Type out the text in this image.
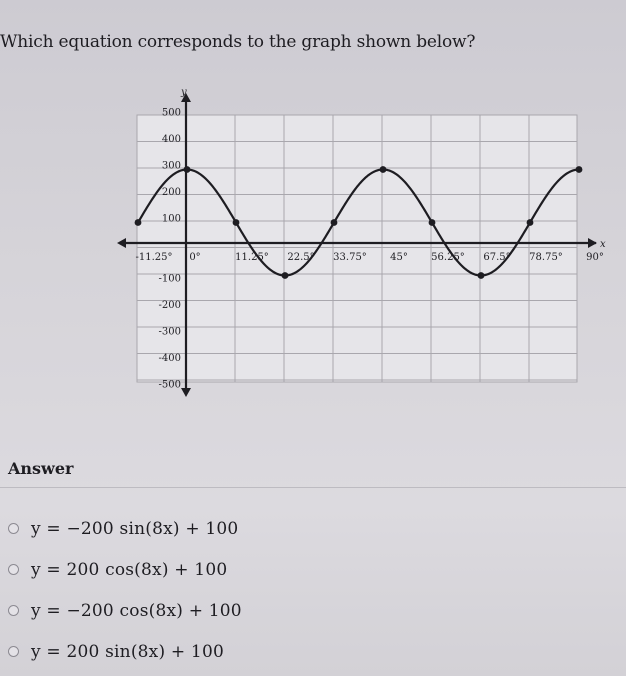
Which equation corresponds to the graph shown below?
x
y
-11.25° 0°	11.25° 22.5° 33.75° 45° 56.25° 67.5° 78.75° 90°
500
400
300
200
100
-100
-200
-300
-400
-500
Answer
y = −200 sin(8x) + 100
y = 200 cos(8x) + 100
y = −200 cos(8x) + 100
y = 200 sin(8x) + 100
